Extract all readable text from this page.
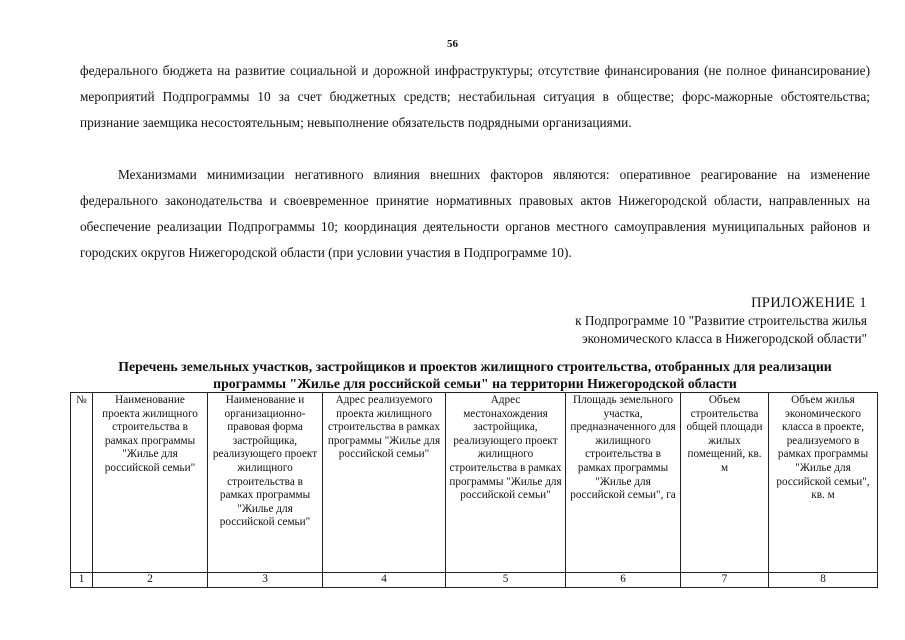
56

федерального бюджета на развитие социальной и дорожной инфраструктуры; отсутствие финансирования (не полное финансирование) мероприятий Подпрограммы 10 за счет бюджетных средств; нестабильная ситуация в обществе; форс-мажорные обстоятельства; признание заемщика несостоятельным; невыполнение обязательств подрядными организациями.

Механизмами минимизации негативного влияния внешних факторов являются: оперативное реагирование на изменение федерального законодательства и своевременное принятие нормативных правовых актов Нижегородской области, направленных на обеспечение реализации Подпрограммы 10; координация деятельности органов местного самоуправления муниципальных районов и городских округов Нижегородской области (при условии участия в Подпрограмме 10).

ПРИЛОЖЕНИЕ 1
к Подпрограмме 10 "Развитие строительства жилья
экономического класса в Нижегородской области"
Перечень земельных участков, застройщиков и проектов жилищного строительства, отобранных для реализации
программы "Жилье для российской семьи" на территории Нижегородской области
№	Наименование проекта жилищного строительства в рамках программы "Жилье для российской семьи"	Наименование и организационно-правовая форма застройщика, реализующего проект жилищного строительства в рамках программы "Жилье для российской семьи"	Адрес реализуемого проекта жилищного строительства в рамках программы "Жилье для российской семьи"	Адрес местонахождения застройщика, реализующего проект жилищного строительства в рамках программы "Жилье для российской семьи"	Площадь земельного участка, предназначенного для жилищного строительства в рамках программы "Жилье для российской семьи", га	Объем строительства общей площади жилых помещений, кв. м	Объем жилья экономического класса в проекте, реализуемого в рамках программы "Жилье для российской семьи", кв. м
1	2	3	4	5	6	7	8
